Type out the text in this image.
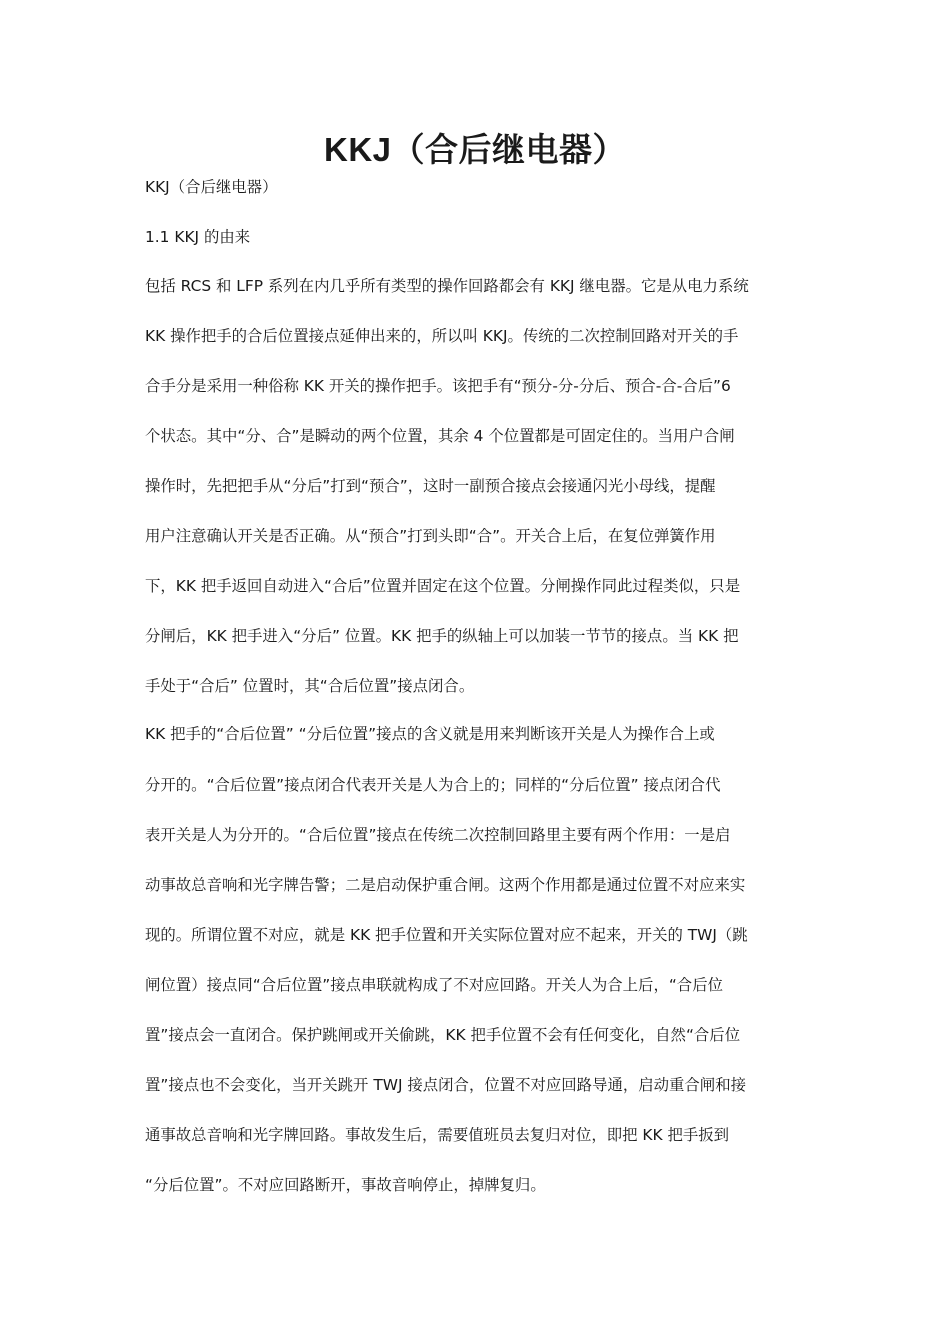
KKJ（合后继电器）

KKJ（合后继电器）

1.1 KKJ 的由来

包括 RCS 和 LFP 系列在内几乎所有类型的操作回路都会有 KKJ 继电器。它是从电力系统

KK 操作把手的合后位置接点延伸出来的，所以叫 KKJ。传统的二次控制回路对开关的手

合手分是采用一种俗称 KK 开关的操作把手。该把手有“预分-分-分后、预合-合-合后”6

个状态。其中“分、合”是瞬动的两个位置，其余 4 个位置都是可固定住的。当用户合闸

操作时，先把把手从“分后”打到“预合”，这时一副预合接点会接通闪光小母线，提醒

用户注意确认开关是否正确。从“预合”打到头即“合”。开关合上后，在复位弹簧作用

下，KK 把手返回自动进入“合后”位置并固定在这个位置。分闸操作同此过程类似，只是

分闸后，KK 把手进入“分后” 位置。KK 把手的纵轴上可以加装一节节的接点。当 KK 把

手处于“合后” 位置时，其“合后位置”接点闭合。

KK 把手的“合后位置” “分后位置”接点的含义就是用来判断该开关是人为操作合上或

分开的。“合后位置”接点闭合代表开关是人为合上的；同样的“分后位置” 接点闭合代

表开关是人为分开的。“合后位置”接点在传统二次控制回路里主要有两个作用：一是启

动事故总音响和光字牌告警；二是启动保护重合闸。这两个作用都是通过位置不对应来实

现的。所谓位置不对应，就是 KK 把手位置和开关实际位置对应不起来，开关的 TWJ（跳

闸位置）接点同“合后位置”接点串联就构成了不对应回路。开关人为合上后，“合后位

置”接点会一直闭合。保护跳闸或开关偷跳，KK 把手位置不会有任何变化，自然“合后位

置”接点也不会变化，当开关跳开 TWJ 接点闭合，位置不对应回路导通，启动重合闸和接

通事故总音响和光字牌回路。事故发生后，需要值班员去复归对位，即把 KK 把手扳到

“分后位置”。不对应回路断开，事故音响停止，掉牌复归。
